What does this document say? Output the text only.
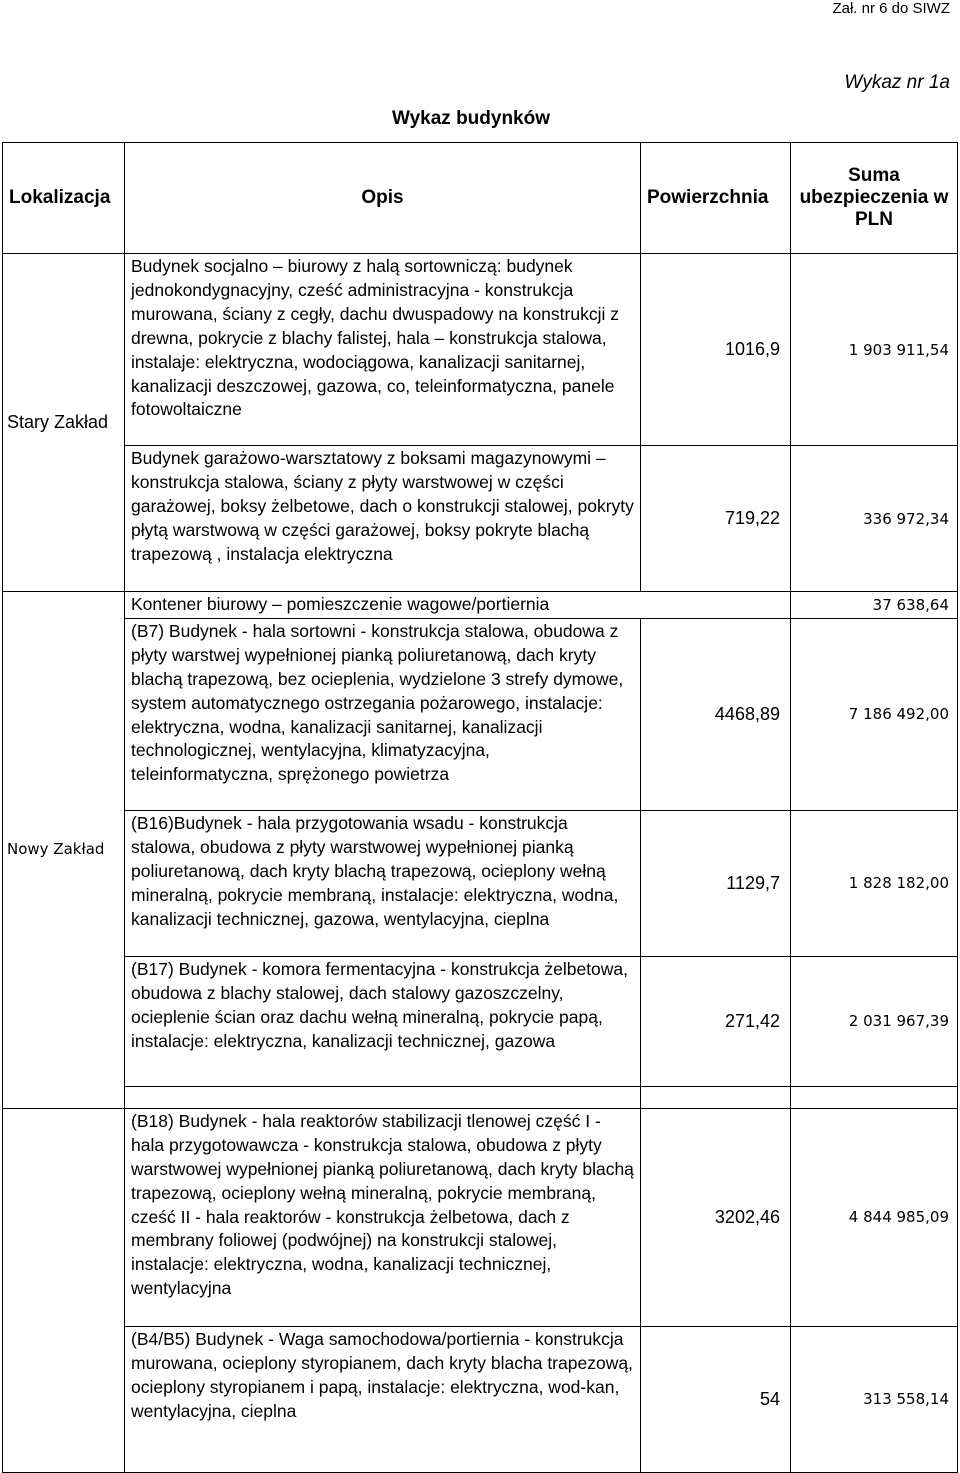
Zał. nr 6 do SIWZ
Wykaz nr 1a
Wykaz budynków
Lokalizacja	Opis	Powierzchnia	Suma ubezpieczenia w PLN
Stary Zakład	Budynek socjalno – biurowy z halą sortowniczą: budynek jednokondygnacyjny, cześć administracyjna - konstrukcja murowana, ściany z cegły, dachu dwuspadowy na konstrukcji z drewna, pokrycie z blachy falistej, hala – konstrukcja stalowa, instalaje: elektryczna, wodociągowa, kanalizacji sanitarnej, kanalizacji deszczowej, gazowa, co, teleinformatyczna, panele fotowoltaiczne	1016,9	1 903 911,54
	Budynek garażowo-warsztatowy z boksami magazynowymi – konstrukcja stalowa, ściany z płyty warstwowej w części garażowej, boksy żelbetowe, dach o konstrukcji stalowej, pokryty płytą warstwową w części garażowej, boksy pokryte blachą trapezową , instalacja elektryczna	719,22	336 972,34
Nowy Zakład	Kontener biurowy – pomieszczenie wagowe/portiernia		37 638,64
	(B7) Budynek - hala sortowni - konstrukcja stalowa, obudowa z płyty warstwej wypełnionej pianką poliuretanową, dach kryty blachą trapezową, bez ocieplenia, wydzielone 3 strefy dymowe, system automatycznego ostrzegania pożarowego, instalacje: elektryczna, wodna, kanalizacji sanitarnej, kanalizacji technologicznej, wentylacyjna, klimatyzacyjna, teleinformatyczna, sprężonego powietrza	4468,89	7 186 492,00
	(B16)Budynek - hala przygotowania wsadu - konstrukcja stalowa, obudowa z płyty warstwowej wypełnionej pianką poliuretanową, dach kryty blachą trapezową, ocieplony wełną mineralną, pokrycie membraną, instalacje: elektryczna, wodna, kanalizacji technicznej, gazowa, wentylacyjna, cieplna	1129,7	1 828 182,00
	(B17) Budynek - komora fermentacyjna - konstrukcja żelbetowa, obudowa z blachy stalowej, dach stalowy gazoszczelny, ocieplenie ścian oraz dachu wełną mineralną, pokrycie papą, instalacje: elektryczna, kanalizacji technicznej, gazowa	271,42	2 031 967,39

	(B18) Budynek - hala reaktorów stabilizacji tlenowej część I - hala przygotowawcza - konstrukcja stalowa, obudowa z płyty warstwowej wypełnionej pianką poliuretanową, dach kryty blachą trapezową, ocieplony wełną mineralną, pokrycie membraną, cześć II - hala reaktorów - konstrukcja żelbetowa, dach z membrany foliowej (podwójnej) na konstrukcji stalowej, instalacje: elektryczna, wodna, kanalizacji technicznej, wentylacyjna	3202,46	4 844 985,09
	(B4/B5) Budynek - Waga samochodowa/portiernia - konstrukcja murowana, ocieplony styropianem, dach kryty blacha trapezową, ocieplony styropianem i papą, instalacje: elektryczna, wod-kan, wentylacyjna, cieplna	54	313 558,14
